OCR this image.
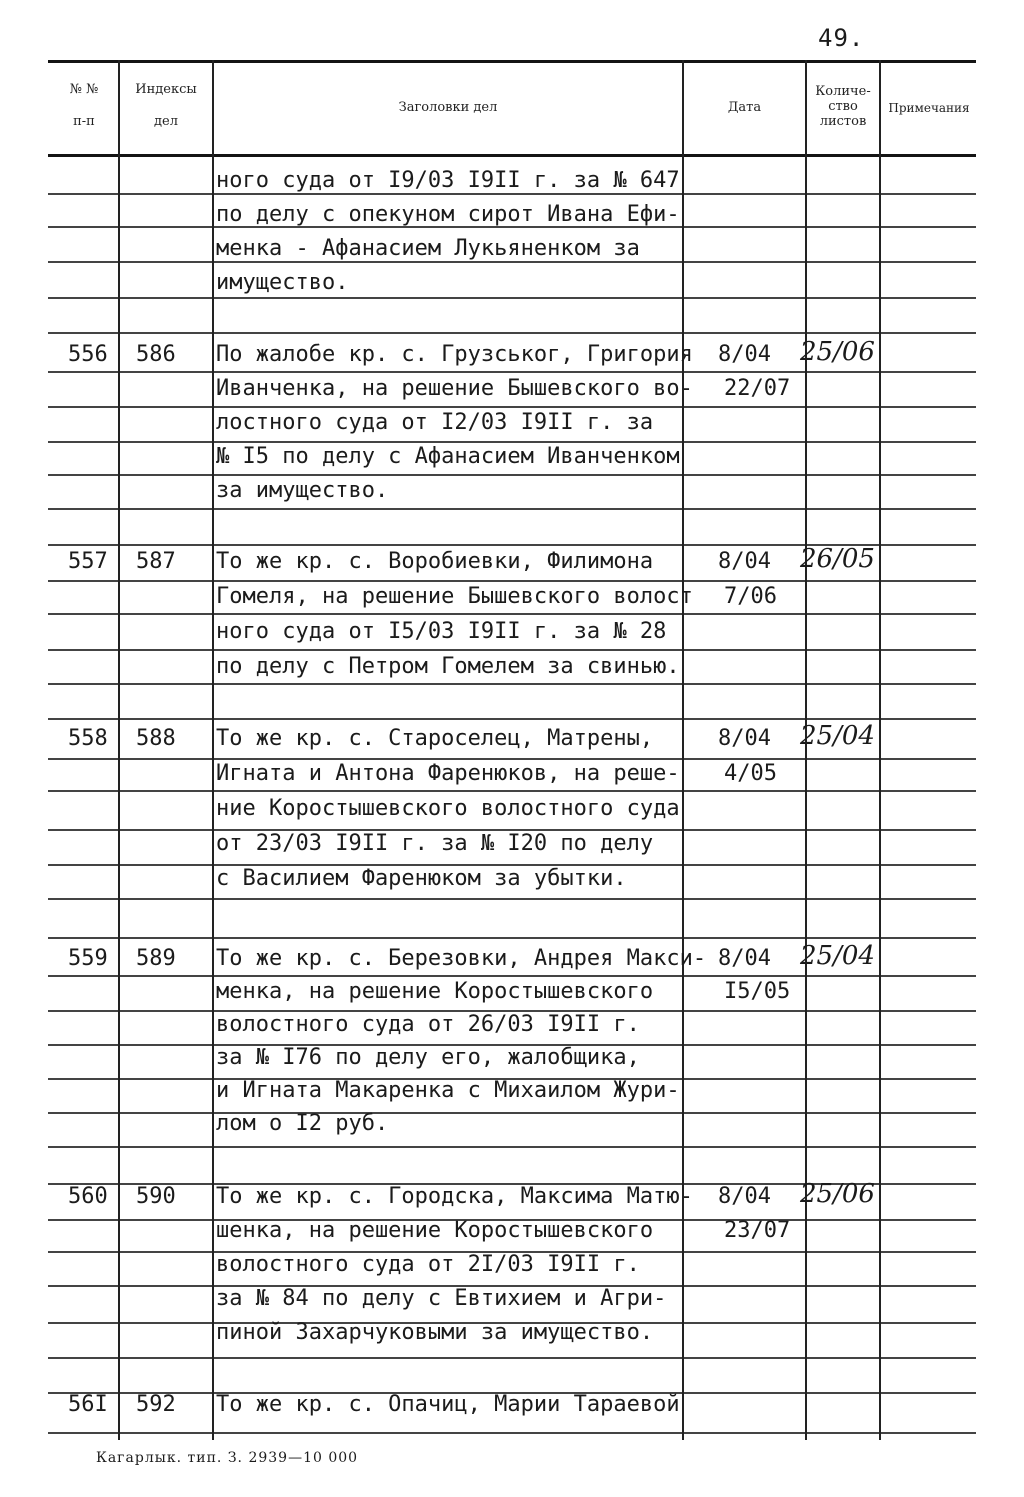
49.
№ №
п-п
Индексы
дел
Заголовки дел	Дата
Количе-
ство
листов
Примечания
ного суда от I9/03 I9II г. за № 647
по делу с опекуном сирот Ивана Ефи-
менка - Афанасием Лукьяненком за
имущество.
556 586 По жалобе кр. с. Грузськог, Григория
Иванченка, на решение Бышевского во-
лостного суда от I2/03 I9II г. за
№ I5 по делу с Афанасием Иванченком
за имущество.
8/04
22/07
25/06
557 587 То же кр. с. Воробиевки, Филимона
Гомеля, на решение Бышевского волост
ного суда от I5/03 I9II г. за № 28
по делу с Петром Гомелем за свинью.
8/04
7/06
26/05
558 588 То же кр. с. Староселец, Матрены,
Игната и Антона Фаренюков, на реше-
ние Коростышевского волостного суда
от 23/03 I9II г. за № I20 по делу
с Василием Фаренюком за убытки.
8/04
4/05
25/04
559 589 То же кр. с. Березовки, Андрея Макси-
менка, на решение Коростышевского
волостного суда от 26/03 I9II г.
за № I76 по делу его, жалобщика,
и Игната Макаренка с Михаилом Жури-
лом о I2 руб.
8/04
I5/05
25/04
560 590 То же кр. с. Городска, Максима Матю-
шенка, на решение Коростышевского
волостного суда от 2I/03 I9II г.
за № 84 по делу с Евтихием и Агри-
пиной Захарчуковыми за имущество.
8/04
23/07
25/06
56I 592 То же кр. с. Опачиц, Марии Тараевой
Кагарлык. тип. З. 2939—10 000
